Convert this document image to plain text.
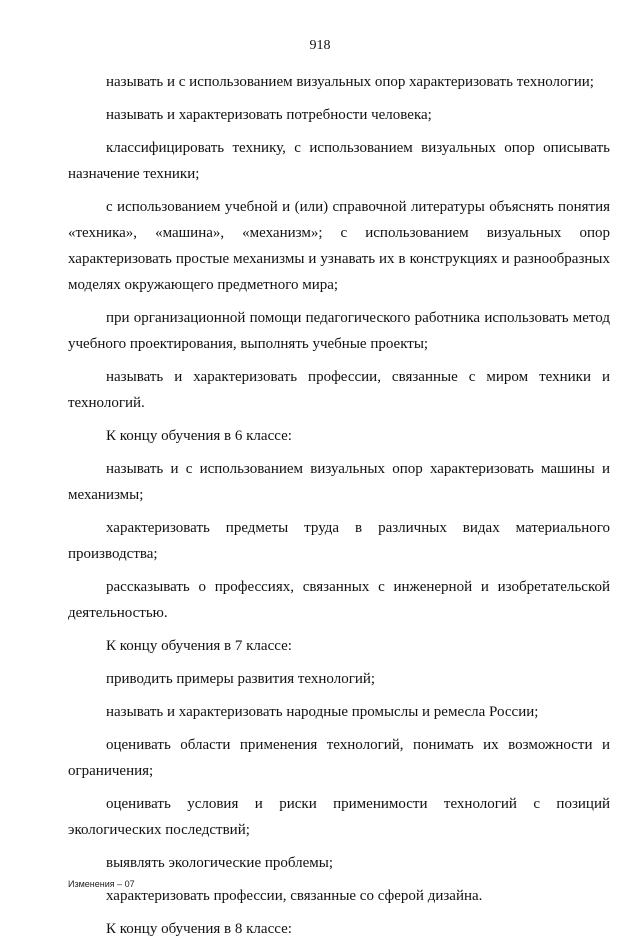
918

называть и с использованием визуальных опор характеризовать технологии;

называть и характеризовать потребности человека;

классифицировать технику, с использованием визуальных опор описывать назначение техники;

с использованием учебной и (или) справочной литературы объяснять понятия «техника», «машина», «механизм»; с использованием визуальных опор характеризовать простые механизмы и узнавать их в конструкциях и разнообразных моделях окружающего предметного мира;

при организационной помощи педагогического работника использовать метод учебного проектирования, выполнять учебные проекты;

называть и характеризовать профессии, связанные с миром техники и технологий.

К концу обучения в 6 классе:

называть и с использованием визуальных опор характеризовать машины и механизмы;

характеризовать предметы труда в различных видах материального производства;

рассказывать о профессиях, связанных с инженерной и изобретательской деятельностью.

К концу обучения в 7 классе:

приводить примеры развития технологий;

называть и характеризовать народные промыслы и ремесла России;

оценивать области применения технологий, понимать их возможности и ограничения;

оценивать условия и риски применимости технологий с позиций экологических последствий;

выявлять экологические проблемы;

характеризовать профессии, связанные со сферой дизайна.

К концу обучения в 8 классе:

Изменения – 07
